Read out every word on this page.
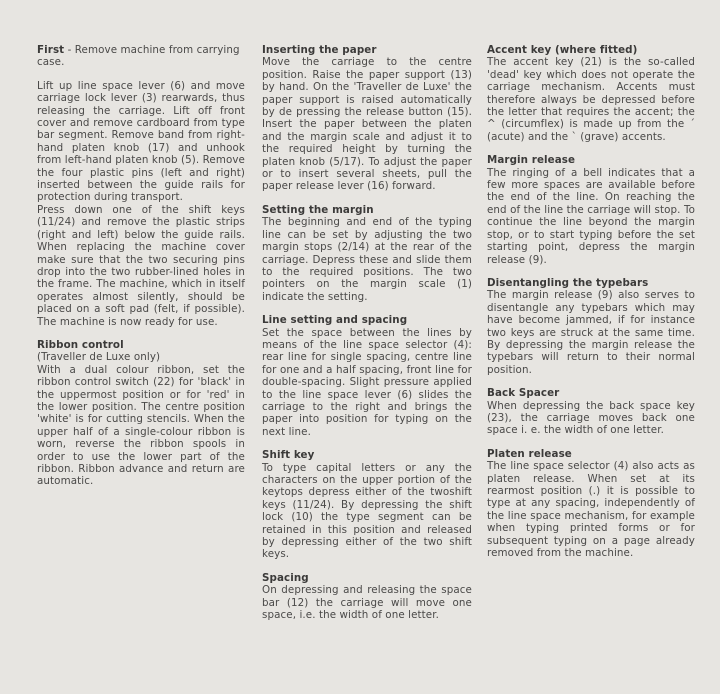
First - Remove machine from carrying case.

Lift up line space lever (6) and move carriage lock lever (3) rearwards, thus releasing the carriage. Lift off front cover and remove cardboard from type bar segment. Remove band from right-hand platen knob (17) and unhook from left-hand platen knob (5). Remove the four plastic pins (left and right) inserted between the guide rails for protection during transport.

Press down one of the shift keys (11/24) and remove the plastic strips (right and left) below the guide rails. When replacing the machine cover make sure that the two securing pins drop into the two rubber-lined holes in the frame. The machine, which in itself operates almost silently, should be placed on a soft pad (felt, if possible). The machine is now ready for use.

Ribbon control

(Traveller de Luxe only)

With a dual colour ribbon, set the ribbon control switch (22) for 'black' in the uppermost position or for 'red' in the lower position. The centre position 'white' is for cutting stencils. When the upper half of a single-colour ribbon is worn, reverse the ribbon spools in order to use the lower part of the ribbon. Ribbon advance and return are automatic.

Inserting the paper

Move the carriage to the centre position. Raise the paper support (13) by hand. On the 'Traveller de Luxe' the paper support is raised automatically by de pressing the release button (15). Insert the paper between the platen and the margin scale and adjust it to the required height by turning the platen knob (5/17). To adjust the paper or to insert several sheets, pull the paper release lever (16) forward.

Setting the margin

The beginning and end of the typing line can be set by adjusting the two margin stops (2/14) at the rear of the carriage. Depress these and slide them to the required positions. The two pointers on the margin scale (1) indicate the setting.

Line setting and spacing

Set the space between the lines by means of the line space selector (4): rear line for single spacing, centre line for one and a half spacing, front line for double-spacing. Slight pressure applied to the line space lever (6) slides the carriage to the right and brings the paper into position for typing on the next line.

Shift key

To type capital letters or any the characters on the upper portion of the keytops depress either of the twoshift keys (11/24). By depressing the shift lock (10) the type segment can be retained in this position and released by depressing either of the two shift keys.

Spacing

On depressing and releasing the space bar (12) the carriage will move one space, i.e. the width of one letter.

Accent key (where fitted)

The accent key (21) is the so-called 'dead' key which does not operate the carriage mechanism. Accents must therefore always be depressed before the letter that requires the accent; the ^ (circumflex) is made up from the ´ (acute) and the ` (grave) accents.

Margin release

The ringing of a bell indicates that a few more spaces are available before the end of the line. On reaching the end of the line the carriage will stop. To continue the line beyond the margin stop, or to start typing before the set starting point, depress the margin release (9).

Disentangling the typebars

The margin release (9) also serves to disentangle any typebars which may have become jammed, if for instance two keys are struck at the same time. By depressing the margin release the typebars will return to their normal position.

Back Spacer

When depressing the back space key (23), the carriage moves back one space i. e. the width of one letter.

Platen release

The line space selector (4) also acts as platen release. When set at its rearmost position (.) it is possible to type at any spacing, independently of the line space mechanism, for example when typing printed forms or for subsequent typing on a page already removed from the machine.
